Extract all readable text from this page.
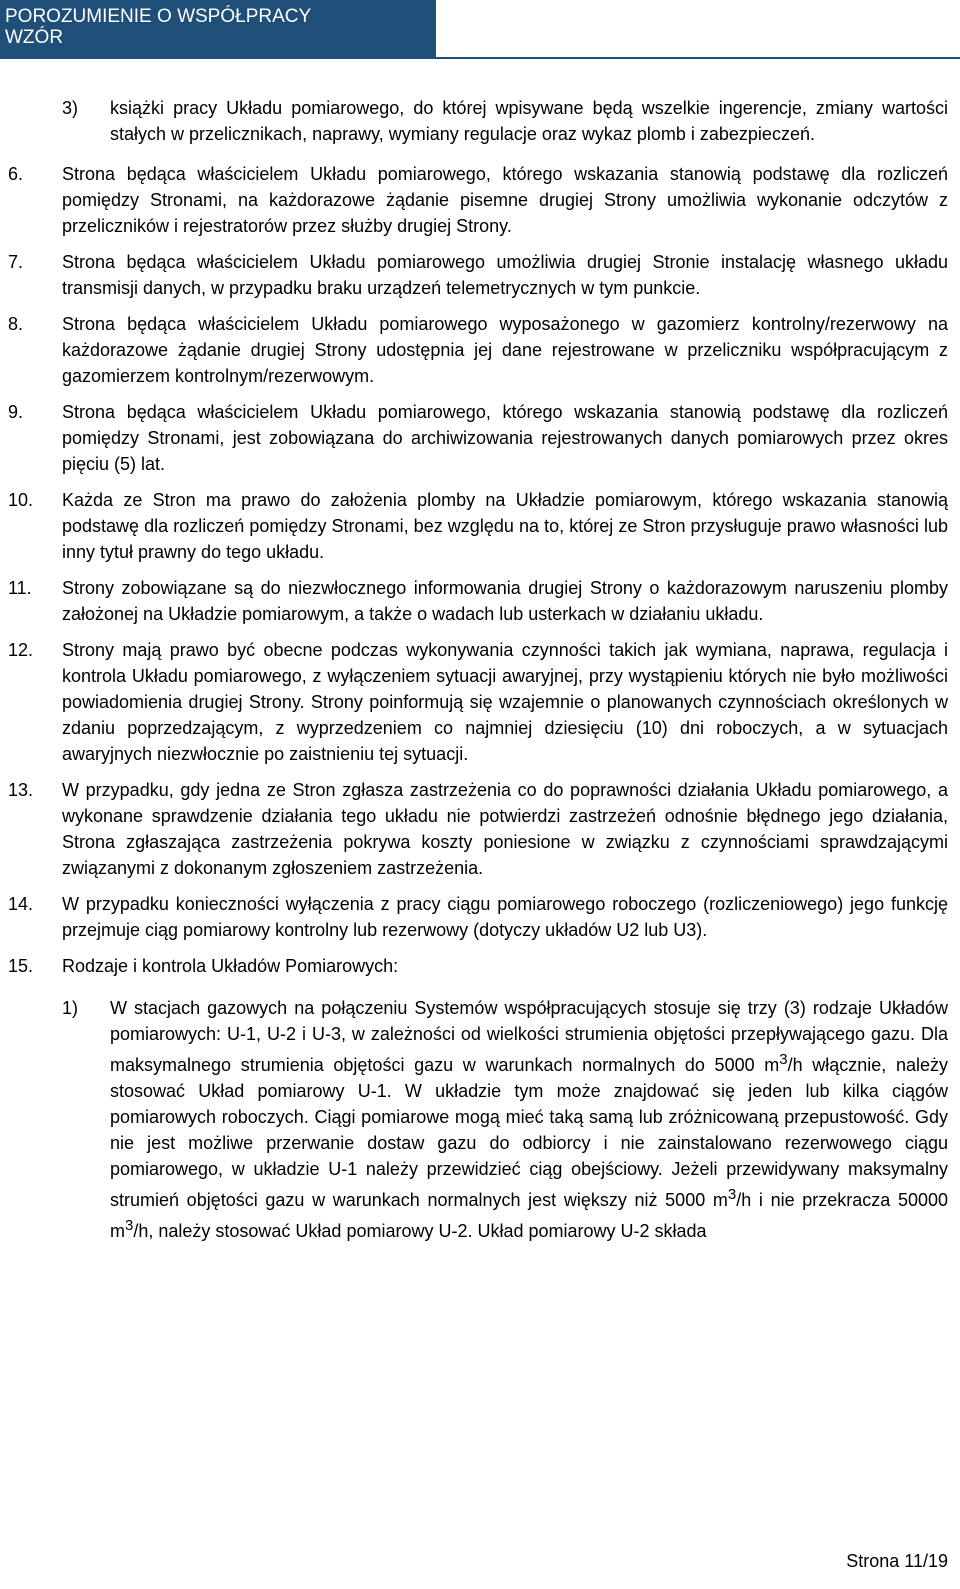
POROZUMIENIE O WSPÓŁPRACY
WZÓR
3) książki pracy Układu pomiarowego, do której wpisywane będą wszelkie ingerencje, zmiany wartości stałych w przelicznikach, naprawy, wymiany regulacje oraz wykaz plomb i zabezpieczeń.
6. Strona będąca właścicielem Układu pomiarowego, którego wskazania stanowią podstawę dla rozliczeń pomiędzy Stronami, na każdorazowe żądanie pisemne drugiej Strony umożliwia wykonanie odczytów z przeliczników i rejestratorów przez służby drugiej Strony.
7. Strona będąca właścicielem Układu pomiarowego umożliwia drugiej Stronie instalację własnego układu transmisji danych, w przypadku braku urządzeń telemetrycznych w tym punkcie.
8. Strona będąca właścicielem Układu pomiarowego wyposażonego w gazomierz kontrolny/rezerwowy na każdorazowe żądanie drugiej Strony udostępnia jej dane rejestrowane w przeliczniku współpracującym z gazomierzem kontrolnym/rezerwowym.
9. Strona będąca właścicielem Układu pomiarowego, którego wskazania stanowią podstawę dla rozliczeń pomiędzy Stronami, jest zobowiązana do archiwizowania rejestrowanych danych pomiarowych przez okres pięciu (5) lat.
10. Każda ze Stron ma prawo do założenia plomby na Układzie pomiarowym, którego wskazania stanowią podstawę dla rozliczeń pomiędzy Stronami, bez względu na to, której ze Stron przysługuje prawo własności lub inny tytuł prawny do tego układu.
11. Strony zobowiązane są do niezwłocznego informowania drugiej Strony o każdorazowym naruszeniu plomby założonej na Układzie pomiarowym, a także o wadach lub usterkach w działaniu układu.
12. Strony mają prawo być obecne podczas wykonywania czynności takich jak wymiana, naprawa, regulacja i kontrola Układu pomiarowego, z wyłączeniem sytuacji awaryjnej, przy wystąpieniu których nie było możliwości powiadomienia drugiej Strony. Strony poinformują się wzajemnie o planowanych czynnościach określonych w zdaniu poprzedzającym, z wyprzedzeniem co najmniej dziesięciu (10) dni roboczych, a w sytuacjach awaryjnych niezwłocznie po zaistnieniu tej sytuacji.
13. W przypadku, gdy jedna ze Stron zgłasza zastrzeżenia co do poprawności działania Układu pomiarowego, a wykonane sprawdzenie działania tego układu nie potwierdzi zastrzeżeń odnośnie błędnego jego działania, Strona zgłaszająca zastrzeżenia pokrywa koszty poniesione w związku z czynnościami sprawdzającymi związanymi z dokonanym zgłoszeniem zastrzeżenia.
14. W przypadku konieczności wyłączenia z pracy ciągu pomiarowego roboczego (rozliczeniowego) jego funkcję przejmuje ciąg pomiarowy kontrolny lub rezerwowy (dotyczy układów U2 lub U3).
15. Rodzaje i kontrola Układów Pomiarowych:
1) W stacjach gazowych na połączeniu Systemów współpracujących stosuje się trzy (3) rodzaje Układów pomiarowych: U-1, U-2 i U-3, w zależności od wielkości strumienia objętości przepływającego gazu. Dla maksymalnego strumienia objętości gazu w warunkach normalnych do 5000 $m^3/h$ włącznie, należy stosować Układ pomiarowy U-1. W układzie tym może znajdować się jeden lub kilka ciągów pomiarowych roboczych. Ciągi pomiarowe mogą mieć taką samą lub zróżnicowaną przepustowość. Gdy nie jest możliwe przerwanie dostaw gazu do odbiorcy i nie zainstalowano rezerwowego ciągu pomiarowego, w układzie U-1 należy przewidzieć ciąg obejściowy. Jeżeli przewidywany maksymalny strumień objętości gazu w warunkach normalnych jest większy niż 5000 $m^3/h$ i nie przekracza 50000 $m^3/h$, należy stosować Układ pomiarowy U-2. Układ pomiarowy U-2 składa
Strona 11/19
